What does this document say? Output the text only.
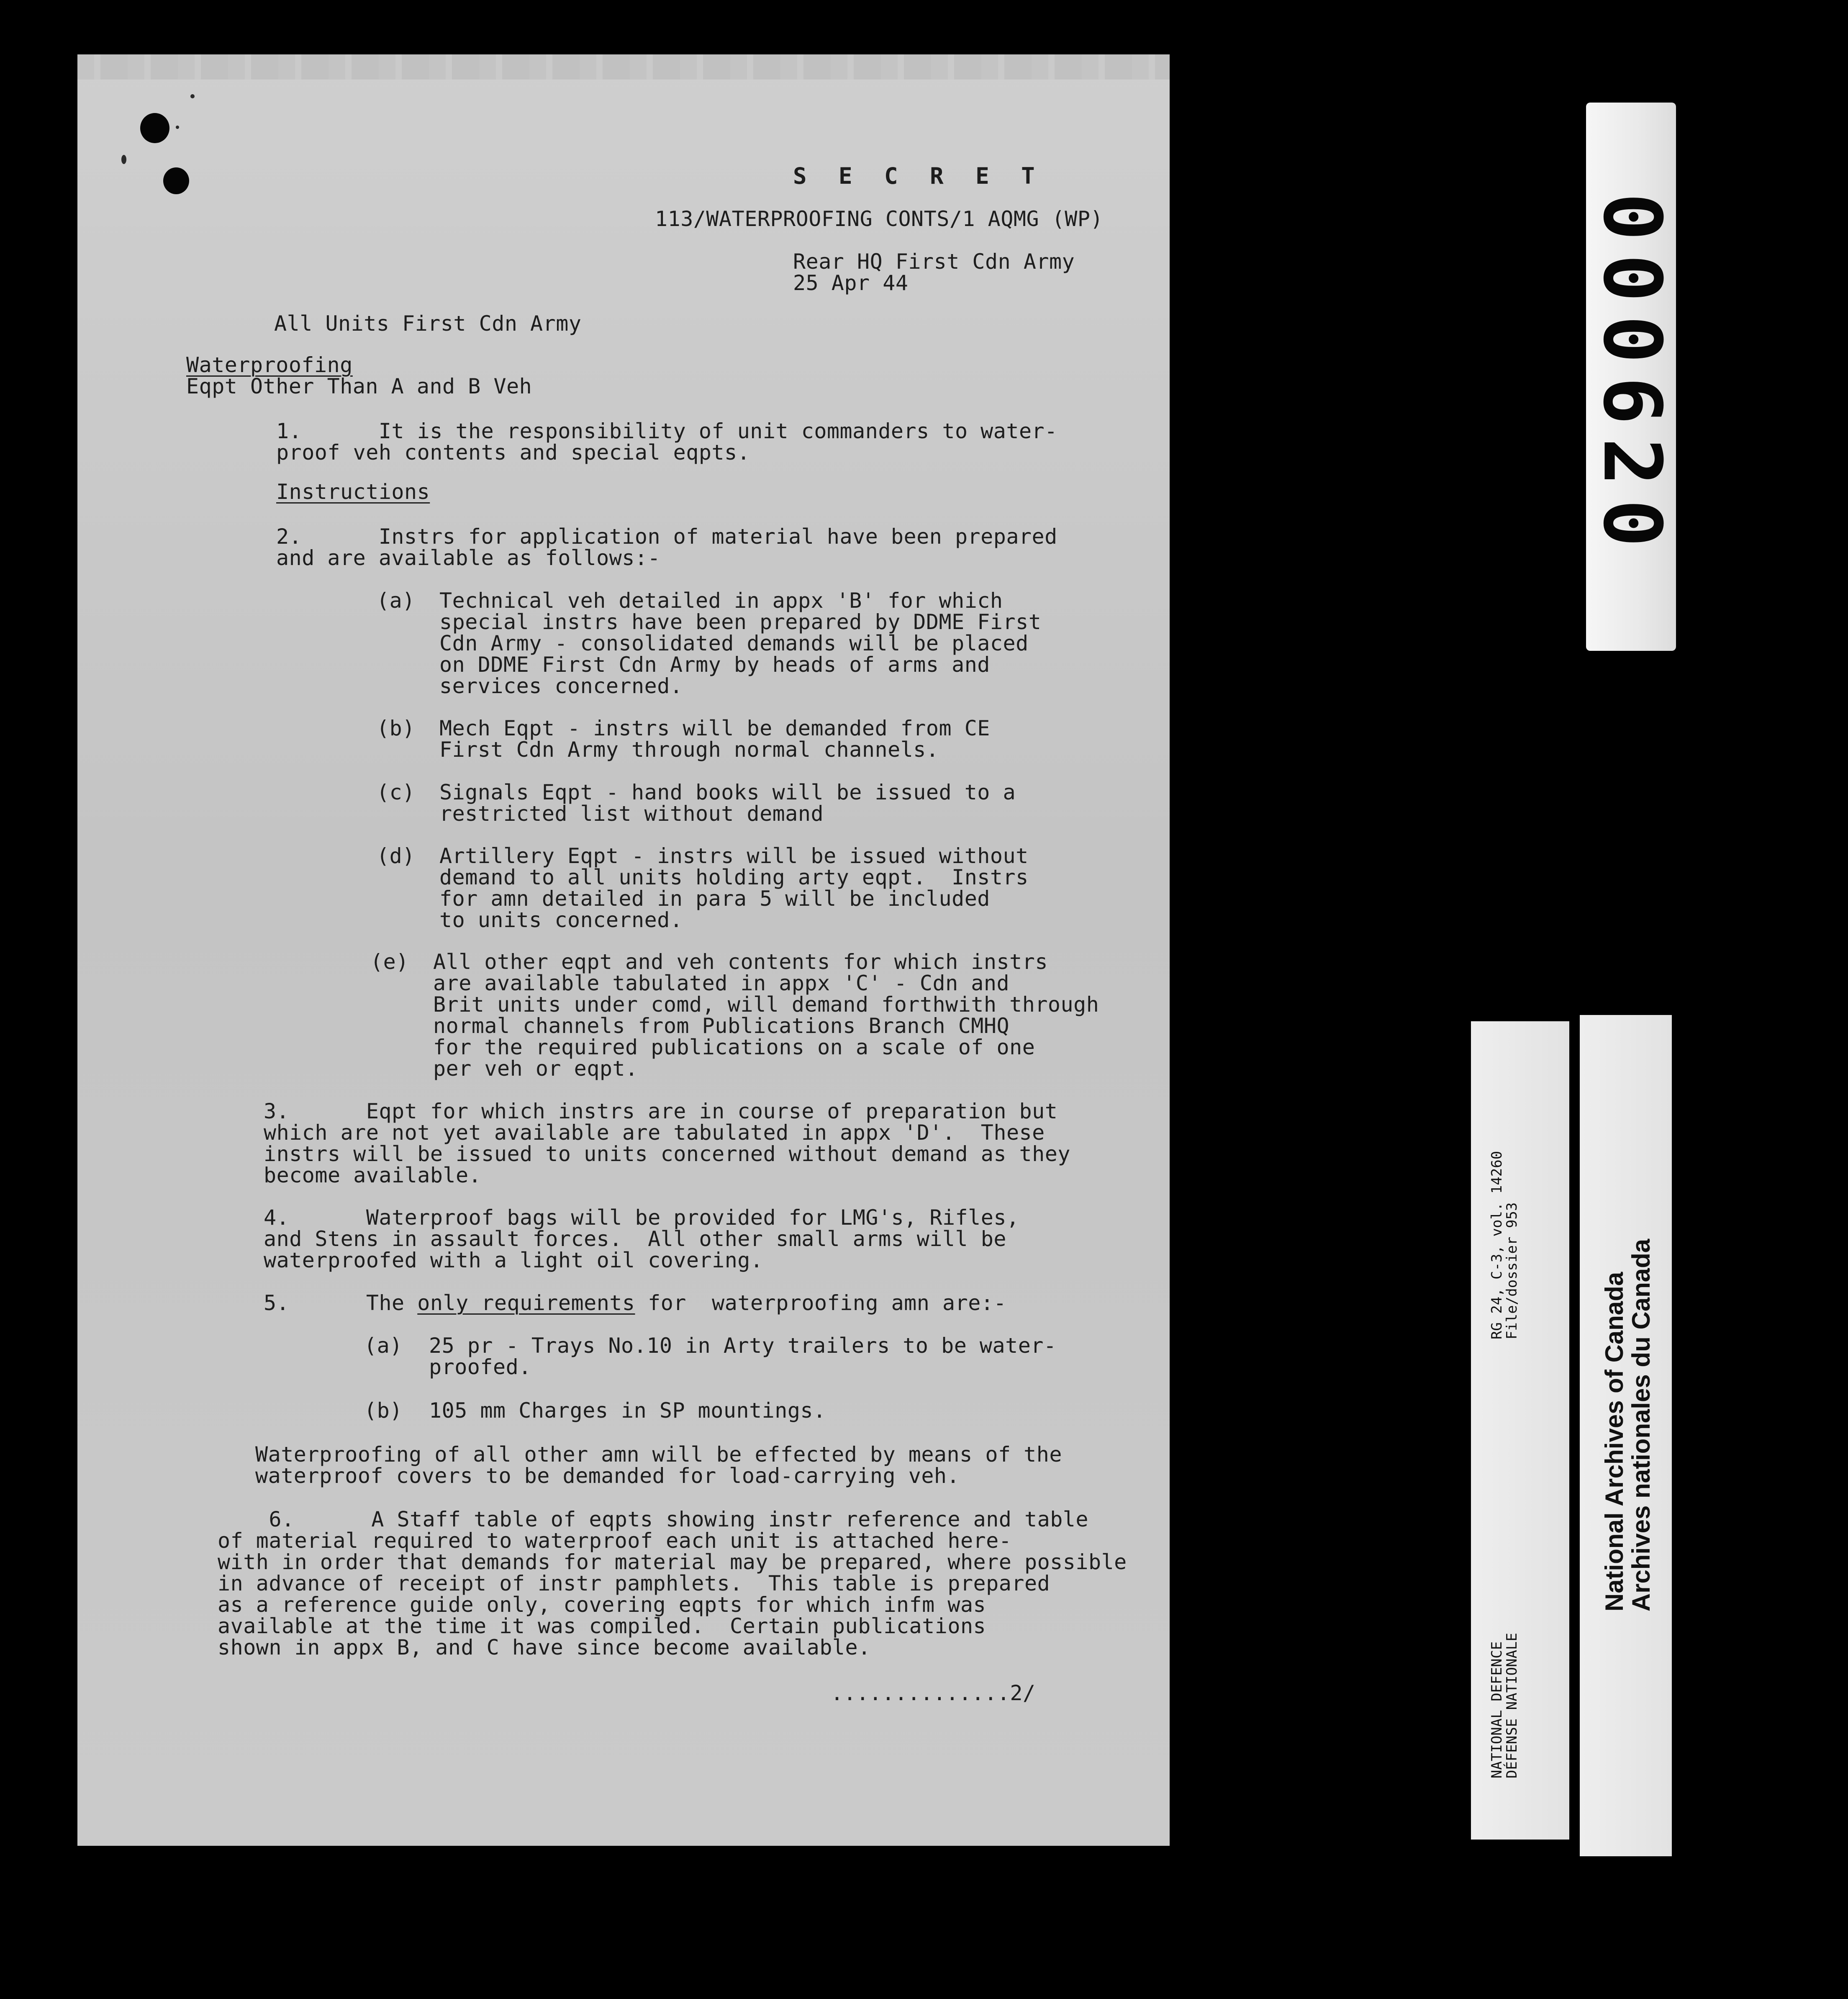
S E C R E T

113/WATERPROOFING CONTS/1 AQMG (WP)

Rear HQ First Cdn Army

25 Apr 44

All Units First Cdn Army

Waterproofing

Eqpt Other Than A and B Veh

1.	It is the responsibility of unit commanders to water-
proof veh contents and special eqpts.

Instructions

2.	Instrs for application of material have been prepared
and are available as follows:-

(a) Technical veh detailed in appx 'B' for which
special instrs have been prepared by DDME First
Cdn Army - consolidated demands will be placed
on DDME First Cdn Army by heads of arms and
services concerned.

(b) Mech Eqpt - instrs will be demanded from CE
First Cdn Army through normal channels.

(c) Signals Eqpt - hand books will be issued to a
restricted list without demand

(d) Artillery Eqpt - instrs will be issued without
demand to all units holding arty eqpt.  Instrs
for amn detailed in para 5 will be included
to units concerned.

(e) All other eqpt and veh contents for which instrs
are available tabulated in appx 'C' - Cdn and
Brit units under comd, will demand forthwith through
normal channels from Publications Branch CMHQ
for the required publications on a scale of one
per veh or eqpt.

3.	Eqpt for which instrs are in course of preparation but
which are not yet available are tabulated in appx 'D'.  These
instrs will be issued to units concerned without demand as they
become available.

4.	Waterproof bags will be provided for LMG's, Rifles,
and Stens in assault forces.  All other small arms will be
waterproofed with a light oil covering.

5.	The only requirements for  waterproofing amn are:-

(a) 25 pr - Trays No.10 in Arty trailers to be water-
proofed.

(b) 105 mm Charges in SP mountings.

Waterproofing of all other amn will be effected by means of the
waterproof covers to be demanded for load-carrying veh.

6.	A Staff table of eqpts showing instr reference and table
of material required to waterproof each unit is attached here-
with in order that demands for material may be prepared, where possible
in advance of receipt of instr pamphlets.  This table is prepared
as a reference guide only, covering eqpts for which infm was
available at the time it was compiled.  Certain publications
shown in appx B, and C have since become available.

..............2/

000620
RG 24, C-3, vol. 14260
File/dossier 953
NATIONAL DEFENCE
DÉFENSE NATIONALE
National Archives of Canada
Archives nationales du Canada
